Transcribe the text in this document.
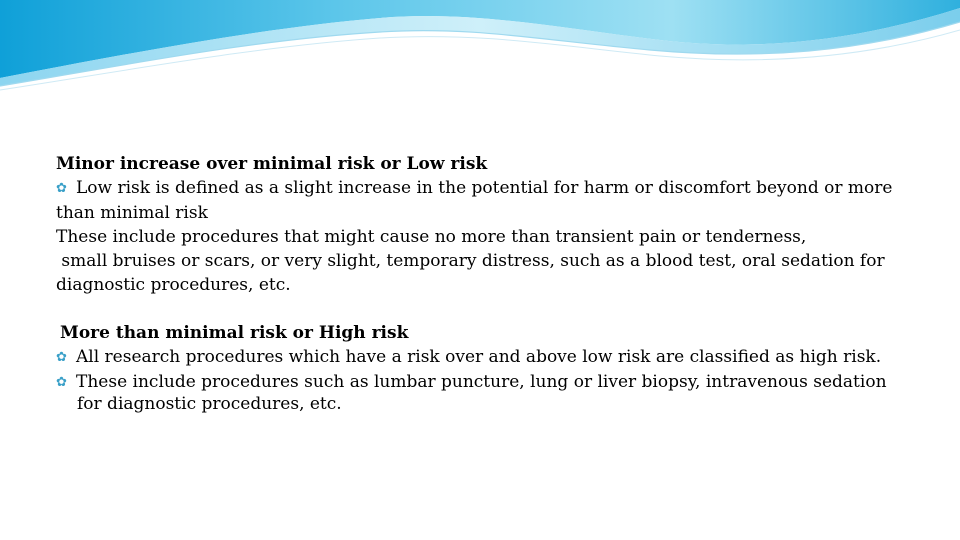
Minor increase over minimal risk or Low risk
✿ Low risk is defined as a slight increase in the potential for harm or discomfort beyond or more
than minimal risk
These include procedures that might cause no more than transient pain or tenderness,
small bruises or scars, or very slight, temporary distress, such as a blood test, oral sedation for
diagnostic procedures, etc.
More than minimal risk or High risk
✿ All research procedures which have a risk over and above low risk are classified as high risk.
✿ These include procedures such as lumbar puncture, lung or liver biopsy, intravenous sedation
for diagnostic procedures, etc.
